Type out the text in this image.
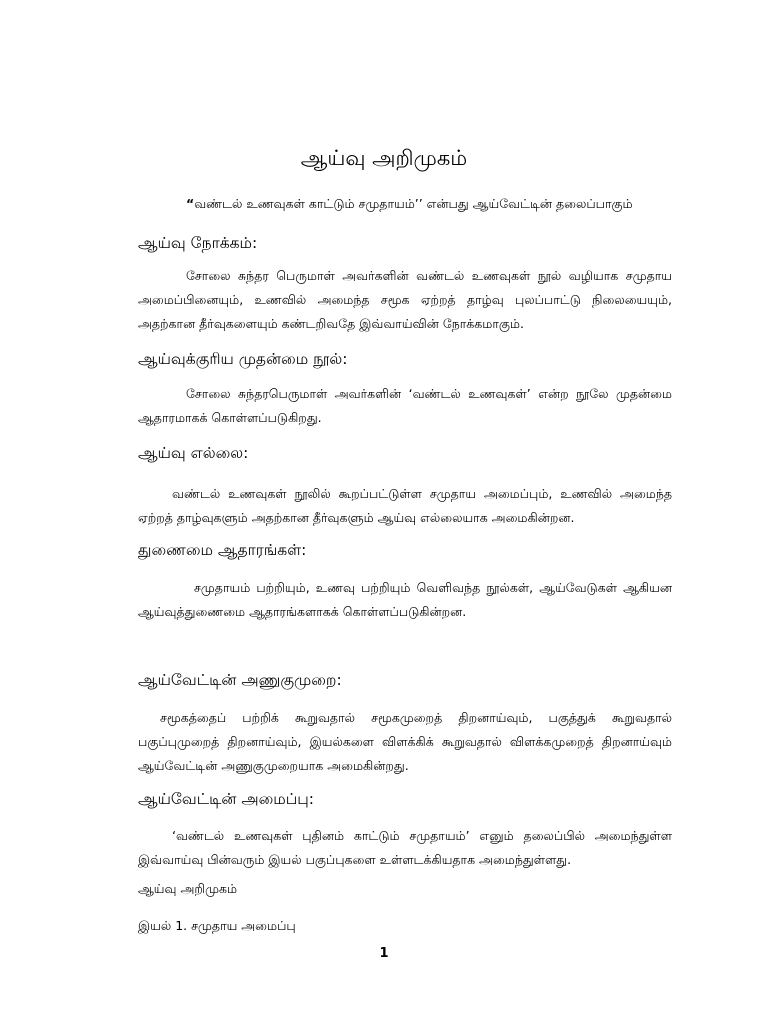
ஆய்வு அறிமுகம்
“வண்டல் உணவுகள் காட்டும் சமுதாயம்’’ என்பது ஆய்வேட்டின் தலைப்பாகும்
ஆய்வு நோக்கம்:
சோலை சுந்தர பெருமாள் அவர்களின் வண்டல் உணவுகள் நூல் வழியாக சமுதாய அமைப்பினையும், உணவில் அமைந்த சமூக ஏற்றத் தாழ்வு புலப்பாட்டு நிலையையும், அதற்கான தீர்வுகளையும் கண்டறிவதே இவ்வாய்வின் நோக்கமாகும்.
ஆய்வுக்குரிய முதன்மை நூல்:
சோலை சுந்தரபெருமாள் அவர்களின் ‘வண்டல் உணவுகள்’ என்ற நூலே முதன்மை ஆதாரமாகக் கொள்ளப்படுகிறது.
ஆய்வு எல்லை:
வண்டல் உணவுகள் நூலில் கூறப்பட்டுள்ள சமுதாய அமைப்பும், உணவில் அமைந்த ஏற்றத் தாழ்வுகளும் அதற்கான தீர்வுகளும் ஆய்வு எல்லையாக அமைகின்றன.
துணைமை ஆதாரங்கள்:
சமுதாயம் பற்றியும், உணவு பற்றியும் வெளிவந்த நூல்கள், ஆய்வேடுகள் ஆகியன ஆய்வுத்துணைமை ஆதாரங்களாகக் கொள்ளப்படுகின்றன.
ஆய்வேட்டின் அணுகுமுறை:
சமூகத்தைப் பற்றிக் கூறுவதால் சமூகமுறைத் திறனாய்வும், பகுத்துக் கூறுவதால் பகுப்புமுறைத் திறனாய்வும், இயல்களை விளக்கிக் கூறுவதால் விளக்கமுறைத் திறனாய்வும் ஆய்வேட்டின் அணுகுமுறையாக அமைகின்றது.
ஆய்வேட்டின் அமைப்பு:
‘வண்டல் உணவுகள் புதினம் காட்டும் சமுதாயம்’ எனும் தலைப்பில் அமைந்துள்ள இவ்வாய்வு பின்வரும் இயல் பகுப்புகளை உள்ளடக்கியதாக அமைந்துள்ளது.
ஆய்வு அறிமுகம்
இயல் 1. சமுதாய அமைப்பு
1
